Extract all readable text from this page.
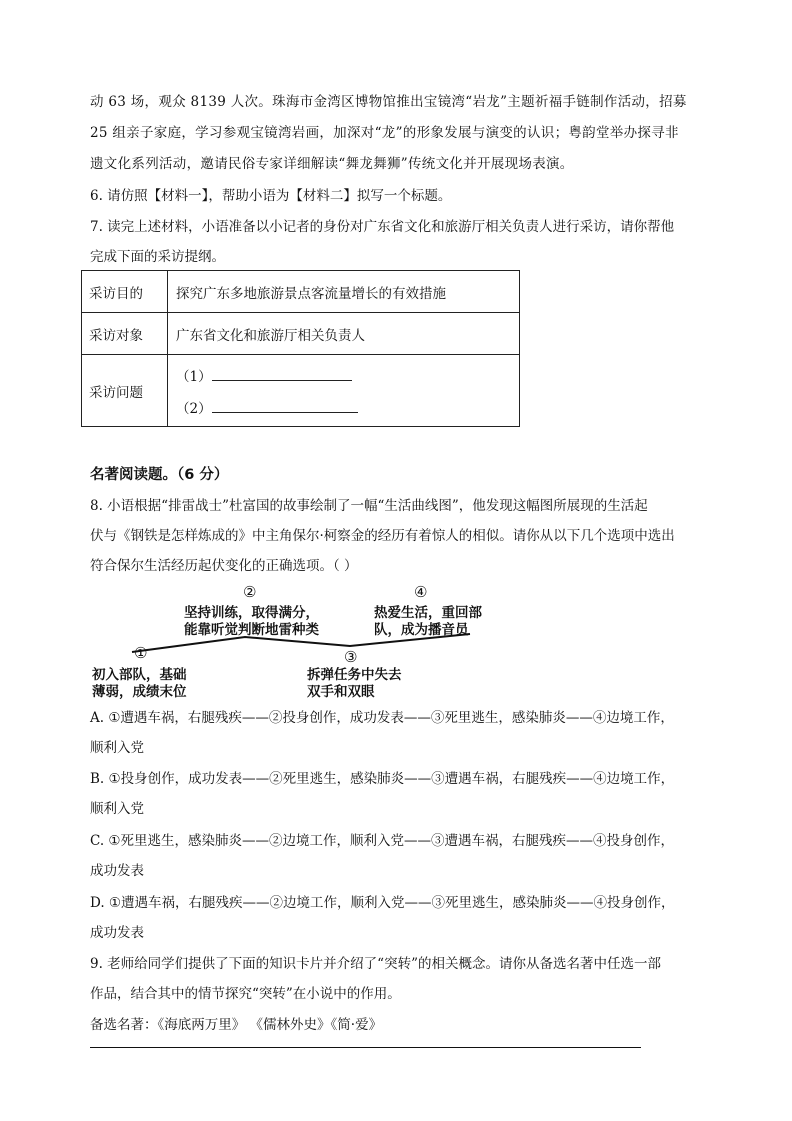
动 63 场，观众 8139 人次。珠海市金湾区博物馆推出宝镜湾“岩龙”主题祈福手链制作活动，招募
25 组亲子家庭，学习参观宝镜湾岩画，加深对“龙”的形象发展与演变的认识；粤韵堂举办探寻非
遗文化系列活动，邀请民俗专家详细解读“舞龙舞狮”传统文化并开展现场表演。
6. 请仿照【材料一】，帮助小语为【材料二】拟写一个标题。
7. 读完上述材料，小语准备以小记者的身份对广东省文化和旅游厅相关负责人进行采访，请你帮他
完成下面的采访提纲。
采访目的	探究广东多地旅游景点客流量增长的有效措施
采访对象	广东省文化和旅游厅相关负责人
采访问题	（1）
（2）
名著阅读题。（6 分）
8. 小语根据“排雷战士”杜富国的故事绘制了一幅“生活曲线图”，他发现这幅图所展现的生活起
伏与《钢铁是怎样炼成的》中主角保尔·柯察金的经历有着惊人的相似。请你从以下几个选项中选出
符合保尔生活经历起伏变化的正确选项。（ ）
①
初入部队，基础
薄弱，成绩末位
②
坚持训练，取得满分，
能靠听觉判断地雷种类
③
拆弹任务中失去
双手和双眼
④
热爱生活，重回部
队，成为播音员
A. ①遭遇车祸，右腿残疾——②投身创作，成功发表——③死里逃生，感染肺炎——④边境工作，
顺利入党
B. ①投身创作，成功发表——②死里逃生，感染肺炎——③遭遇车祸，右腿残疾——④边境工作，
顺利入党
C. ①死里逃生，感染肺炎——②边境工作，顺利入党——③遭遇车祸，右腿残疾——④投身创作，
成功发表
D. ①遭遇车祸，右腿残疾——②边境工作，顺利入党——③死里逃生，感染肺炎——④投身创作，
成功发表
9. 老师给同学们提供了下面的知识卡片并介绍了“突转”的相关概念。请你从备选名著中任选一部
作品，结合其中的情节探究“突转”在小说中的作用。
备选名著：《海底两万里》 《儒林外史》《简·爱》
